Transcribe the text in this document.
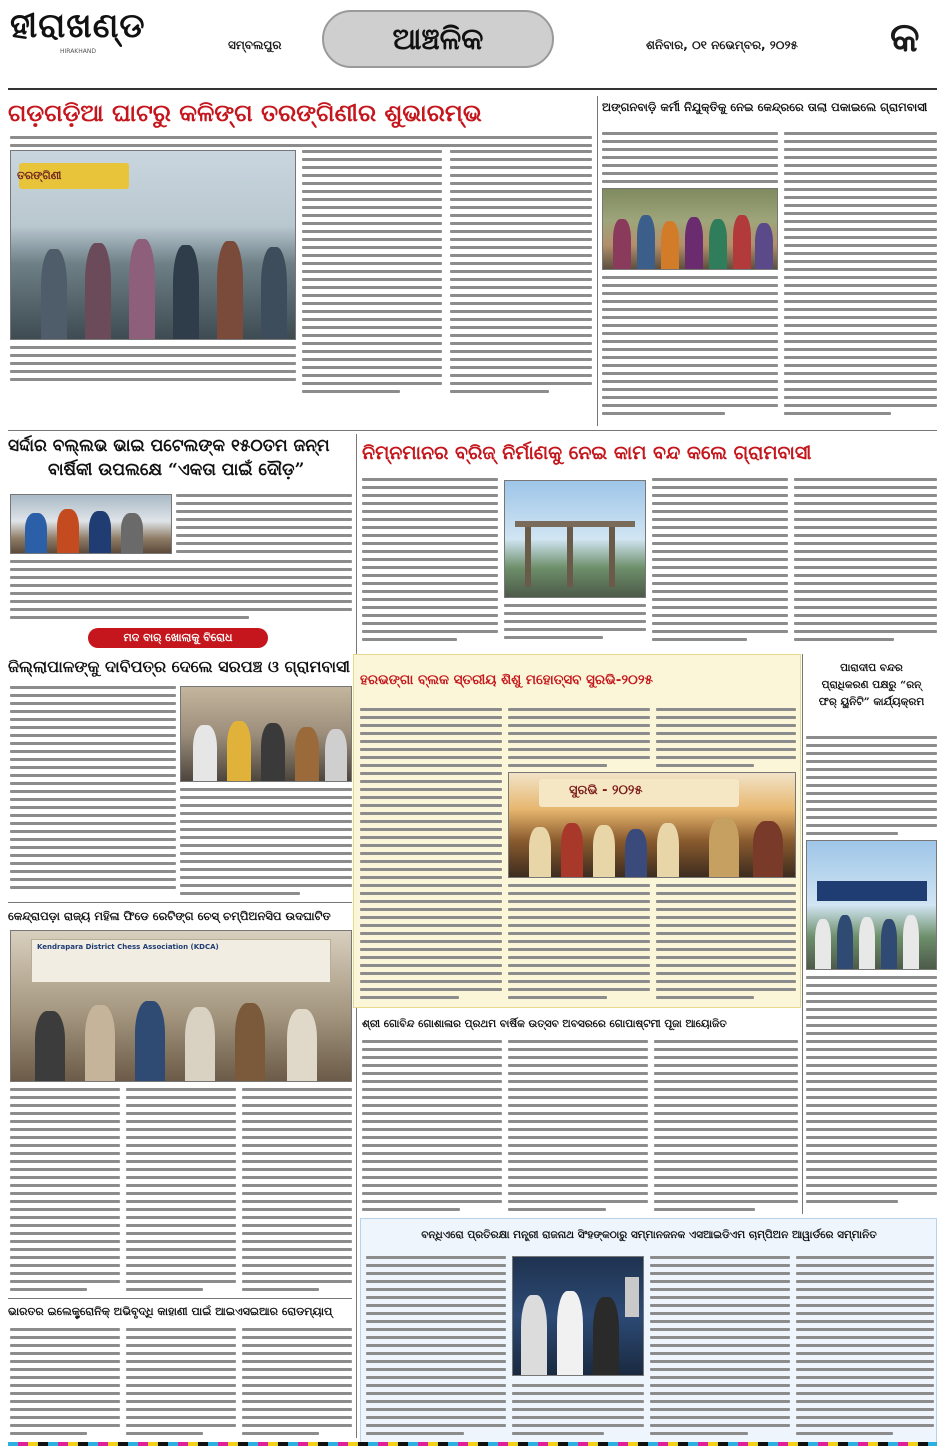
ହୀରାଖଣ୍ଡ
HIRAKHAND	ସମ୍ବଲପୁର	ଆଞ୍ଚଳିକ	ଶନିବାର, ୦୧ ନଭେମ୍ବର, ୨୦୨୫ କ
ଗଡ଼ଗଡ଼ିଆ ଘାଟରୁ କଳିଙ୍ଗ ତରଙ୍ଗିଣୀର ଶୁଭାରମ୍ଭ
ତରଙ୍ଗିଣୀ
ଅଙ୍ଗନବାଡ଼ି କର୍ମୀ ନିଯୁକ୍ତିକୁ ନେଇ କେନ୍ଦ୍ରରେ ତାଲା ପକାଇଲେ ଗ୍ରାମବାସୀ
ସର୍ଦ୍ଦାର ବଲ୍ଲଭ ଭାଇ ପଟେଲଙ୍କ ୧୫୦ତମ ଜନ୍ମ
ବାର୍ଷିକୀ ଉପଲକ୍ଷେ “ଏକତା ପାଇଁ ଦୌଡ଼”
ମଦ ବାର୍ ଖୋଲାକୁ ବିରୋଧ
ଜିଲ୍ଲାପାଳଙ୍କୁ ଦାବିପତ୍ର ଦେଲେ ସରପଞ୍ଚ ଓ ଗ୍ରାମବାସୀ
କେନ୍ଦ୍ରାପଡ଼ା ରାଜ୍ୟ ମହିଳା ଫିଡେ ରେଟିଙ୍ଗ ଚେସ୍ ଚମ୍ପିଅନସିପ ଉଦଘାଟିତ
Kendrapara District Chess Association (KDCA)
ଭାରତର ଇଲେକ୍ଟ୍ରୋନିକ୍ ଅଭିବୃଦ୍ଧି କାହାଣୀ ପାଇଁ ଆଇଏସଇଆର ରୋଡମ୍ୟାପ୍
ନିମ୍ନମାନର ବ୍ରିଜ୍ ନିର୍ମାଣକୁ ନେଇ କାମ ବନ୍ଦ କଲେ ଗ୍ରାମବାସୀ
ହରଭଙ୍ଗା ବ୍ଲକ ସ୍ତରୀୟ ଶିଶୁ ମହୋତ୍ସବ ସୁରଭି-୨୦୨୫
ସୁରଭି - ୨୦୨୫
ପାରାଦୀପ ବନ୍ଦର
ପ୍ରାଧିକରଣ ପକ୍ଷରୁ “ରନ୍
ଫର୍ ୟୁନିଟି” କାର୍ଯ୍ୟକ୍ରମ
ଶ୍ରୀ ଗୋବିନ୍ଦ ଗୋଶାଳାର ପ୍ରଥମ ବାର୍ଷିକ ଉତ୍ସବ ଅବସରରେ ଗୋପାଷ୍ଟମୀ ପୂଜା ଆୟୋଜିତ
ବନ୍ଧିଏରୋ ପ୍ରତିରକ୍ଷା ମନ୍ତ୍ରୀ ରାଜନାଥ ସିଂହଙ୍କଠାରୁ ସମ୍ମାନଜନକ ଏସଆଇଡିଏମ ଚାମ୍ପିଅନ ଆୱାର୍ଡରେ ସମ୍ମାନିତ
